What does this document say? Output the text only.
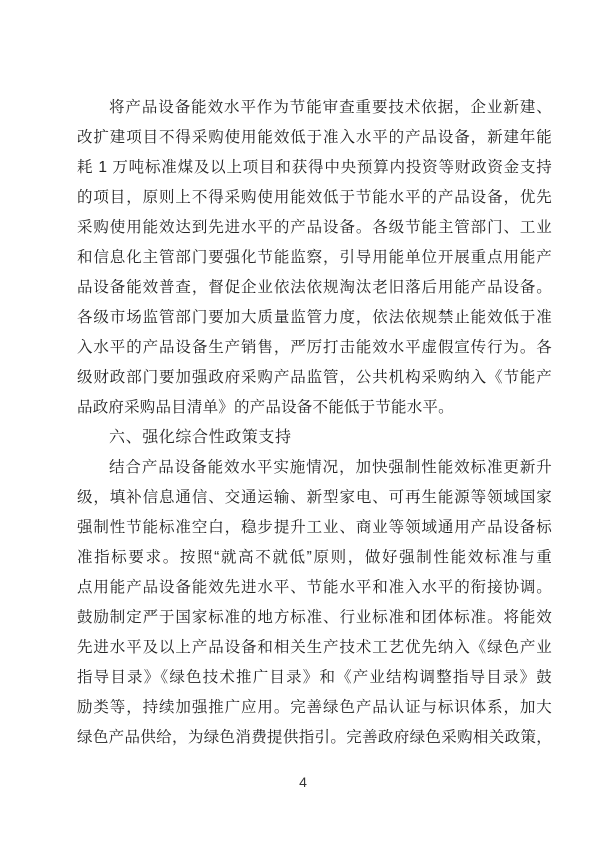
将产品设备能效水平作为节能审查重要技术依据，企业新建、
改扩建项目不得采购使用能效低于准入水平的产品设备，新建年能
耗 1 万吨标准煤及以上项目和获得中央预算内投资等财政资金支持
的项目，原则上不得采购使用能效低于节能水平的产品设备，优先
采购使用能效达到先进水平的产品设备。各级节能主管部门、工业
和信息化主管部门要强化节能监察，引导用能单位开展重点用能产
品设备能效普查，督促企业依法依规淘汰老旧落后用能产品设备。
各级市场监管部门要加大质量监管力度，依法依规禁止能效低于准
入水平的产品设备生产销售，严厉打击能效水平虚假宣传行为。各
级财政部门要加强政府采购产品监管，公共机构采购纳入《节能产
品政府采购品目清单》的产品设备不能低于节能水平。
六、强化综合性政策支持
结合产品设备能效水平实施情况，加快强制性能效标准更新升
级，填补信息通信、交通运输、新型家电、可再生能源等领域国家
强制性节能标准空白，稳步提升工业、商业等领域通用产品设备标
准指标要求。按照“就高不就低”原则，做好强制性能效标准与重
点用能产品设备能效先进水平、节能水平和准入水平的衔接协调。
鼓励制定严于国家标准的地方标准、行业标准和团体标准。将能效
先进水平及以上产品设备和相关生产技术工艺优先纳入《绿色产业
指导目录》《绿色技术推广目录》和《产业结构调整指导目录》鼓
励类等，持续加强推广应用。完善绿色产品认证与标识体系，加大
绿色产品供给，为绿色消费提供指引。完善政府绿色采购相关政策，
4
